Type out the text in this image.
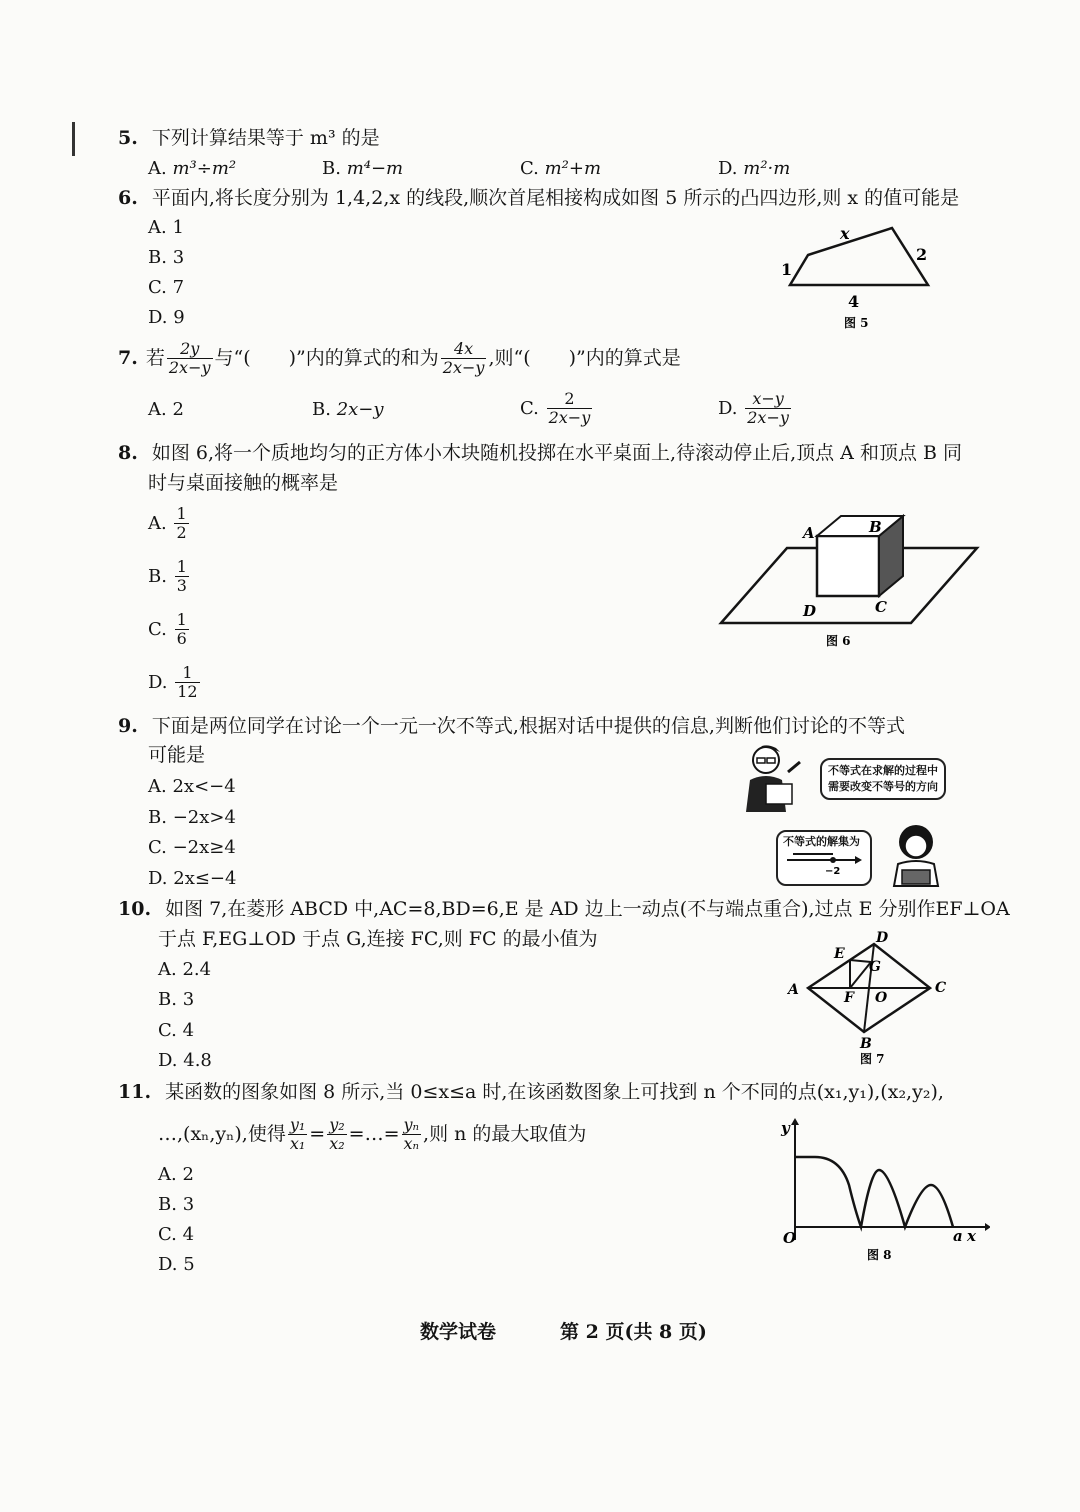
5. 下列计算结果等于 m³ 的是
A. m³÷m²	B. m⁴−m	C. m²+m	D. m²·m
6. 平面内,将长度分别为 1,4,2,x 的线段,顺次首尾相接构成如图 5 所示的凸四边形,则 x 的值可能是
A. 1
B. 3
C. 7
D. 9
x
1
2
4
图 5
7. 若 $\frac{2y}{2x-y}$ 与“(　　)”内的算式的和为 $\frac{4x}{2x-y}$ ,则“(　　)”内的算式是
A. 2	B. 2x−y	C.
$\frac{2}{2x-y}$	D.
$\frac{x-y}{2x-y}$
8. 如图 6,将一个质地均匀的正方体小木块随机投掷在水平桌面上,待滚动停止后,顶点 A 和顶点 B 同
时与桌面接触的概率是
A.
$\frac{1}{2}$
B.
$\frac{1}{3}$
C.
$\frac{1}{6}$
D.
$\frac{1}{12}$
A	B
C
D
图 6
9. 下面是两位同学在讨论一个一元一次不等式,根据对话中提供的信息,判断他们讨论的不等式
可能是
A. 2x<−4
B. −2x>4
C. −2x≥4
D. 2x≤−4
不等式在求解的过程中
需要改变不等号的方向
不等式的解集为
−2
10. 如图 7,在菱形 ABCD 中,AC=8,BD=6,E 是 AD 边上一动点(不与端点重合),过点 E 分别作EF⊥OA
于点 F,EG⊥OD 于点 G,连接 FC,则 FC 的最小值为
A. 2.4
B. 3
C. 4
D. 4.8
A
B
C
D
E
F
G
O
图 7
11. 某函数的图象如图 8 所示,当 0≤x≤a 时,在该函数图象上可找到 n 个不同的点(x₁,y₁),(x₂,y₂),
…,(xₙ,yₙ),使得 $\frac{\text{y₁}}{\text{x₁}} = \frac{\text{y₂}}{\text{x₂}}$ =…= $\frac{\text{yₙ}}{\text{xₙ}}$ ,则 n 的最大取值为
A. 2
B. 3
C. 4
D. 5
y
x
O	a
图 8
数学试卷	第 2 页(共 8 页)
